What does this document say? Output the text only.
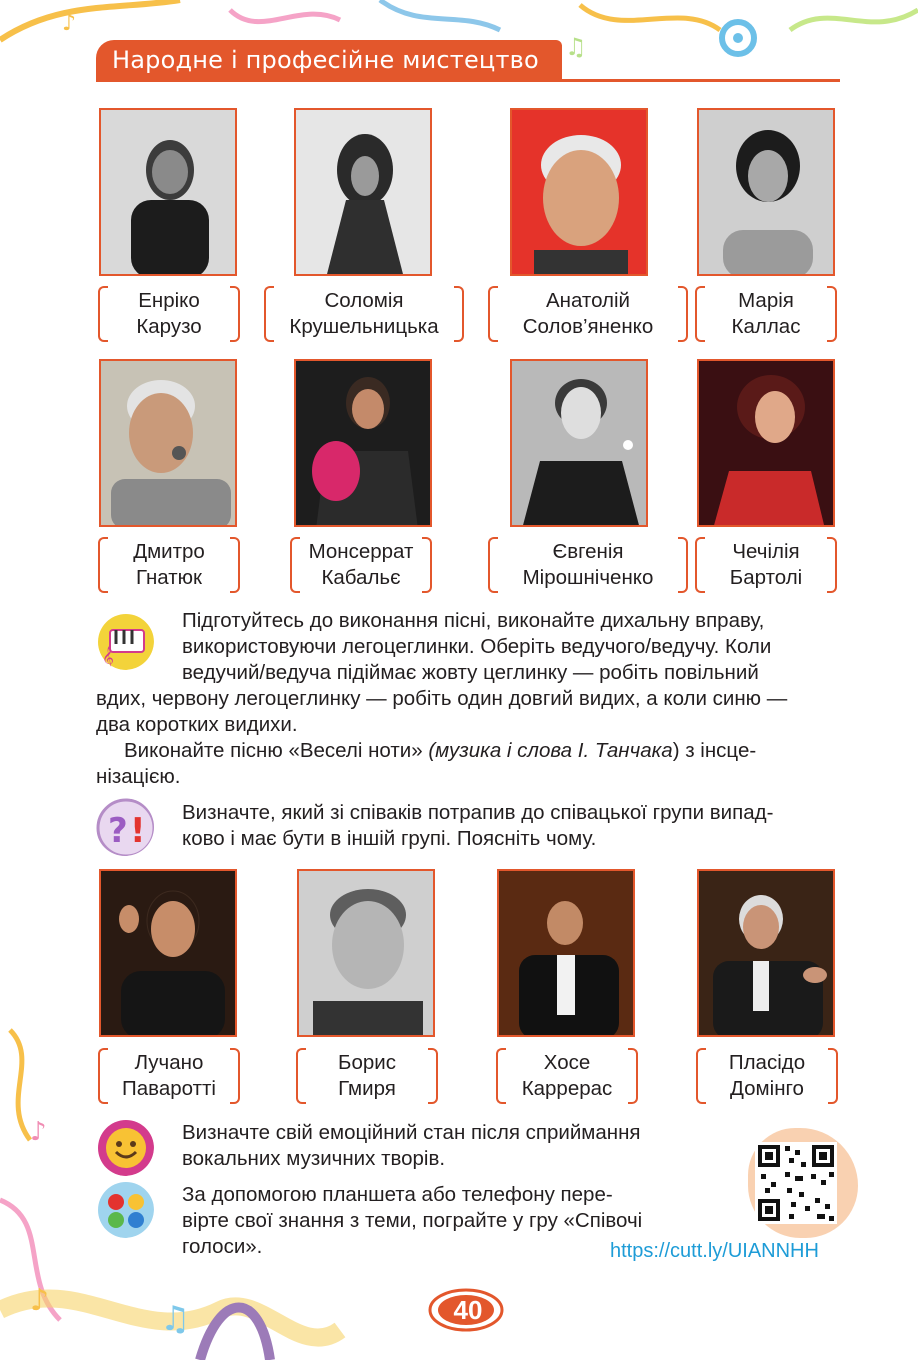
♪
♫
♪
♫
♪
Народне і професійне мистецтво
Енріко
Карузо
Соломія
Крушельницька
Анатолій
Солов’яненко
Марія
Каллас
Дмитро
Гнатюк
Монсеррат
Кабальє
Євгенія
Мірошніченко
Чечілія
Бартолі
𝄞
Підготуйтесь до виконання пісні, виконайте дихальну вправу,
використовуючи легоцеглинки. Оберіть ведучого/ведучу. Коли
ведучий/ведуча підіймає жовту цеглинку — робіть повільний
вдих, червону легоцеглинку — робіть один довгий видих, а коли синю —
два коротких видихи.
Виконайте пісню «Веселі ноти» (музика і слова І. Танчака) з інсце-
нізацією.
? ! Визначте, який зі співаків потрапив до співацької групи випад-
ково і має бути в іншій групі. Поясніть чому.
Лучано
Паваротті
Борис
Гмиря
Хосе
Каррерас
Пласідо
Домінго
Визначте свій емоційний стан після сприймання
вокальних музичних творів.
За допомогою планшета або телефону пере-
вірте свої знання з теми, пограйте у гру «Співочі
голоси».	https://cutt.ly/UIANNHH
40
